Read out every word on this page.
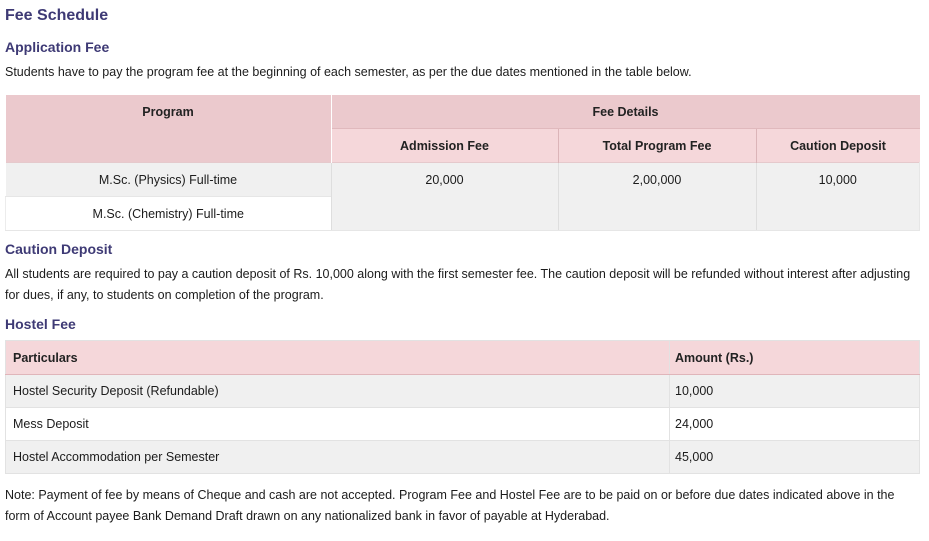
Fee Schedule
Application Fee
Students have to pay the program fee at the beginning of each semester, as per the due dates mentioned in the table below.
Program	Fee Details		
	Admission Fee	Total Program Fee	Caution Deposit
M.Sc. (Physics) Full-time	20,000	2,00,000	10,000
M.Sc. (Chemistry) Full-time			
Caution Deposit
All students are required to pay a caution deposit of Rs. 10,000 along with the first semester fee. The caution deposit will be refunded without interest after adjusting for dues, if any, to students on completion of the program.
Hostel Fee
Particulars	Amount (Rs.)
Hostel Security Deposit (Refundable)	10,000
Mess Deposit	24,000
Hostel Accommodation per Semester	45,000
Note: Payment of fee by means of Cheque and cash are not accepted. Program Fee and Hostel Fee are to be paid on or before due dates indicated above in the form of Account payee Bank Demand Draft drawn on any nationalized bank in favor of payable at Hyderabad.
